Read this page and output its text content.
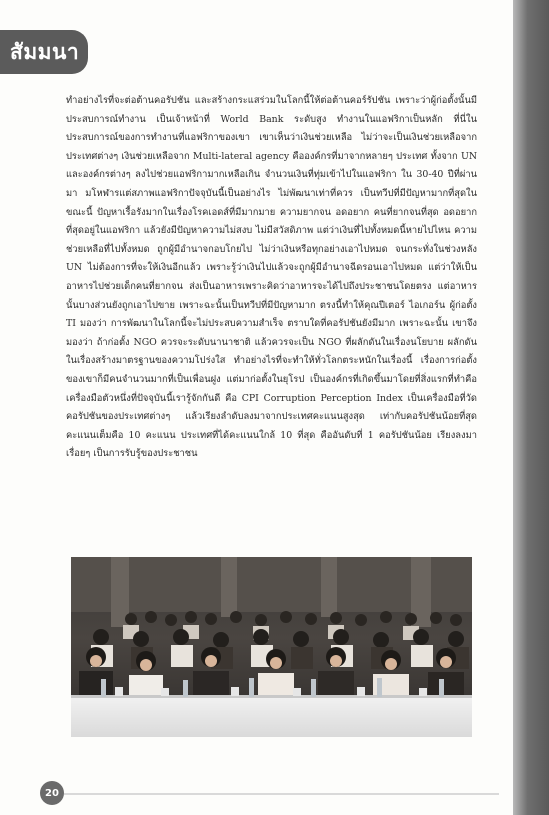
สัมมนา

ทำอย่างไรที่จะต่อต้านคอรัปชัน และสร้างกระแสร่วมในโลกนี้ให้ต่อต้านคอร์รัปชัน เพราะว่าผู้ก่อตั้งนั้นมีประสบการณ์ทำงาน เป็นเจ้าหน้าที่ World Bank ระดับสูง ทำงานในแอฟริกาเป็นหลัก ที่นี่ในประสบการณ์ของการทำงานที่แอฟริกาของเขา เขาเห็นว่าเงินช่วยเหลือ ไม่ว่าจะเป็นเงินช่วยเหลือจากประเทศต่างๆ เงินช่วยเหลือจาก Multi-lateral agency คือองค์กรที่มาจากหลายๆ ประเทศ ทั้งจาก UN และองค์กรต่างๆ ลงไปช่วยแอฟริกามากเหลือเกิน จำนวนเงินที่ทุ่มเข้าไปในแอฟริกา ใน 30-40 ปีที่ผ่านมา มโหฬารแต่สภาพแอฟริกาปัจจุบันนี้เป็นอย่างไร ไม่พัฒนาเท่าที่ควร เป็นทวีปที่มีปัญหามากที่สุดในขณะนี้ ปัญหาเรื้อรังมากในเรื่องโรคเอดส์ที่มีมากมาย ความยากจน อดอยาก คนที่ยากจนที่สุด อดอยากที่สุดอยู่ในแอฟริกา แล้วยังมีปัญหาความไม่สงบ ไม่มีสวัสดิภาพ แต่ว่าเงินที่ไปทั้งหมดนี้หายไปไหน ความช่วยเหลือที่ไปทั้งหมด ถูกผู้มีอำนาจกอบโกยไป ไม่ว่าเงินหรือทุกอย่างเอาไปหมด จนกระทั่งในช่วงหลัง UN ไม่ต้องการที่จะให้เงินอีกแล้ว เพราะรู้ว่าเงินไปแล้วจะถูกผู้มีอำนาจฉีดรอนเอาไปหมด แต่ว่าให้เป็นอาหารไปช่วยเด็กคนที่ยากจน ส่งเป็นอาหารเพราะคิดว่าอาหารจะได้ไปถึงประชาชนโดยตรง แต่อาหารนั้นบางส่วนยังถูกเอาไปขาย เพราะฉะนั้นเป็นทวีปที่มีปัญหามาก ตรงนี้ทำให้คุณปีเตอร์ ไอเกอร์น ผู้ก่อตั้ง TI มองว่า การพัฒนาในโลกนี้จะไม่ประสบความสำเร็จ ตราบใดที่คอรัปชันยังมีมาก เพราะฉะนั้น เขาจึงมองว่า ถ้าก่อตั้ง NGO ควรจะระดับนานาชาติ แล้วควรจะเป็น NGO ที่ผลักดันในเรื่องนโยบาย ผลักดันในเรื่องสร้างมาตรฐานของความโปร่งใส ทำอย่างไรที่จะทำให้ทั่วโลกตระหนักในเรื่องนี้ เรื่องการก่อตั้งของเขาก็มีคนจำนวนมากที่เป็นเพื่อนฝูง แต่มาก่อตั้งในยุโรป เป็นองค์กรที่เกิดขึ้นมาโดยที่สิ่งแรกที่ทำคือ เครื่องมือตัวหนึ่งที่ปัจจุบันนี้เรารู้จักกันดี คือ CPI Corruption Perception Index เป็นเครื่องมือที่วัดคอรัปชันของประเทศต่างๆ แล้วเรียงลำดับลงมาจากประเทศคะแนนสูงสุด เท่ากับคอรัปชันน้อยที่สุด คะแนนเต็มคือ 10 คะแนน ประเทศที่ได้คะแนนใกล้ 10 ที่สุด คืออันดับที่ 1 คอรัปชันน้อย เรียงลงมาเรื่อยๆ เป็นการรับรู้ของประชาชน

20
